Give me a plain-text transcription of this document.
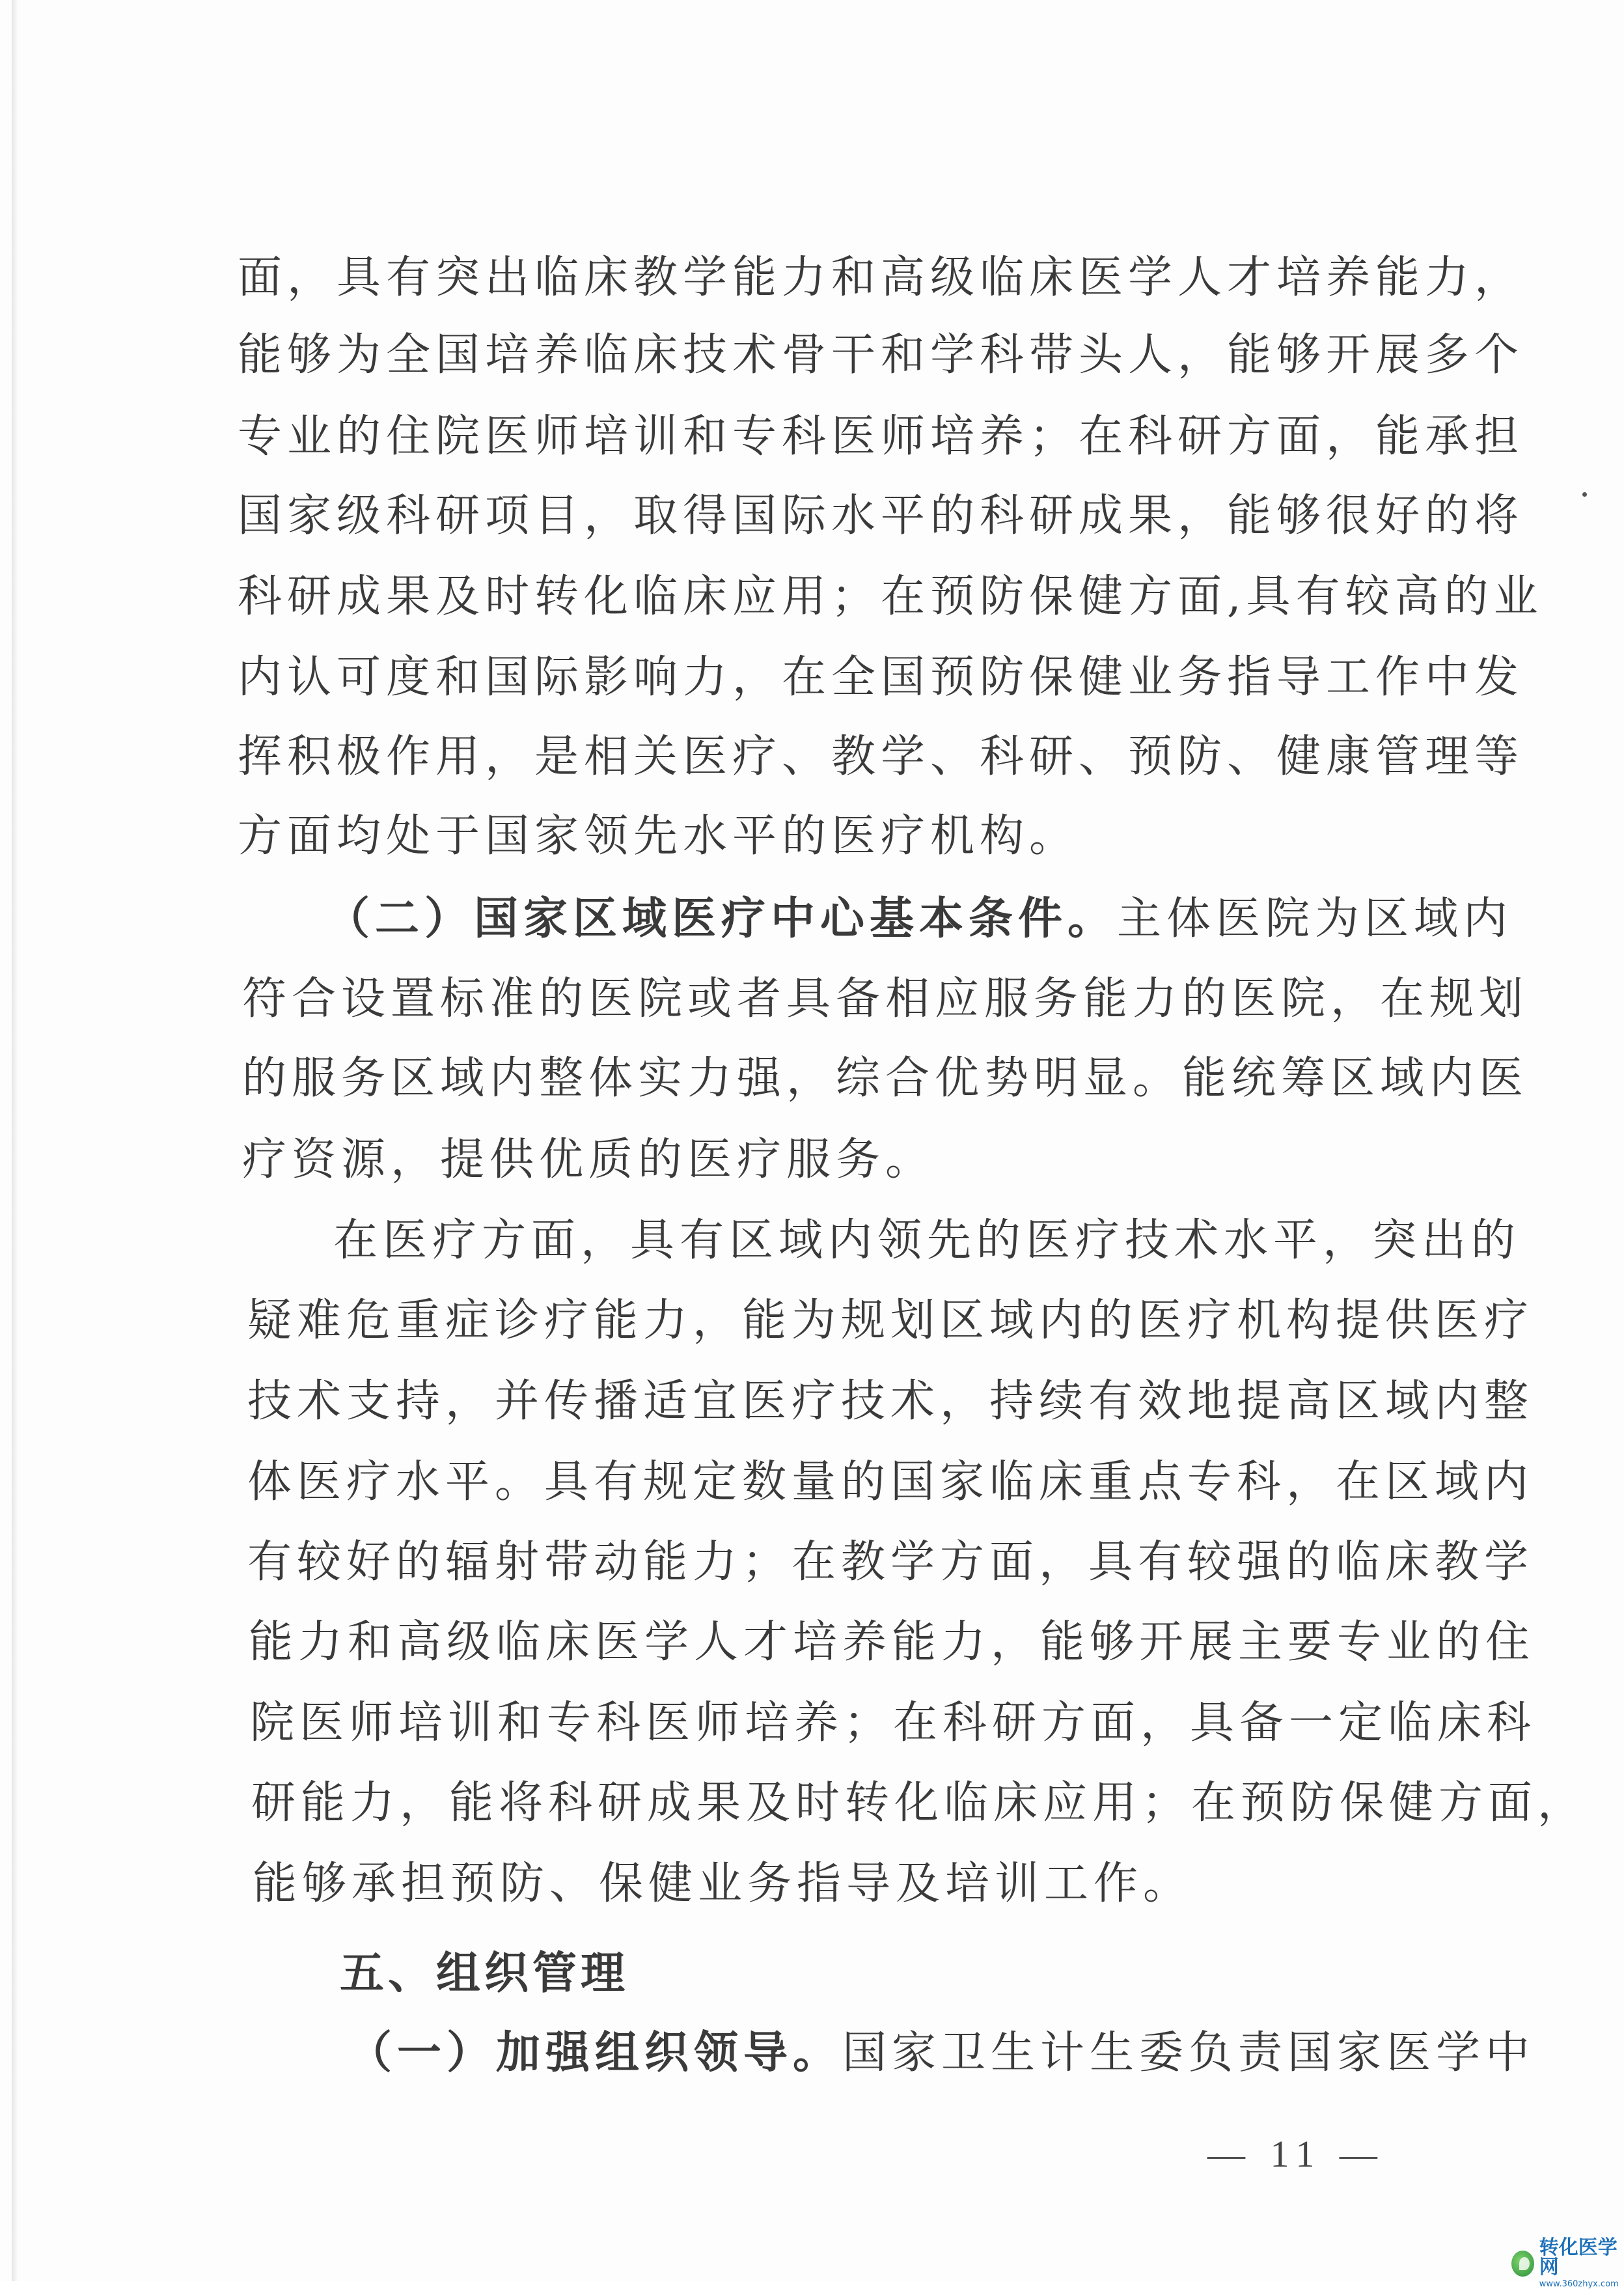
面，具有突出临床教学能力和高级临床医学人才培养能力，
能够为全国培养临床技术骨干和学科带头人，能够开展多个
专业的住院医师培训和专科医师培养；在科研方面，能承担
国家级科研项目，取得国际水平的科研成果，能够很好的将
科研成果及时转化临床应用；在预防保健方面,具有较高的业
内认可度和国际影响力，在全国预防保健业务指导工作中发
挥积极作用，是相关医疗、教学、科研、预防、健康管理等
方面均处于国家领先水平的医疗机构。
（二）国家区域医疗中心基本条件。主体医院为区域内
符合设置标准的医院或者具备相应服务能力的医院，在规划
的服务区域内整体实力强，综合优势明显。能统筹区域内医
疗资源，提供优质的医疗服务。
在医疗方面，具有区域内领先的医疗技术水平，突出的
疑难危重症诊疗能力，能为规划区域内的医疗机构提供医疗
技术支持，并传播适宜医疗技术，持续有效地提高区域内整
体医疗水平。具有规定数量的国家临床重点专科，在区域内
有较好的辐射带动能力；在教学方面，具有较强的临床教学
能力和高级临床医学人才培养能力，能够开展主要专业的住
院医师培训和专科医师培养；在科研方面，具备一定临床科
研能力，能将科研成果及时转化临床应用；在预防保健方面，
能够承担预防、保健业务指导及培训工作。
五、组织管理
（一）加强组织领导。国家卫生计生委负责国家医学中
— 11 —
转化医学网
www.360zhyx.com
